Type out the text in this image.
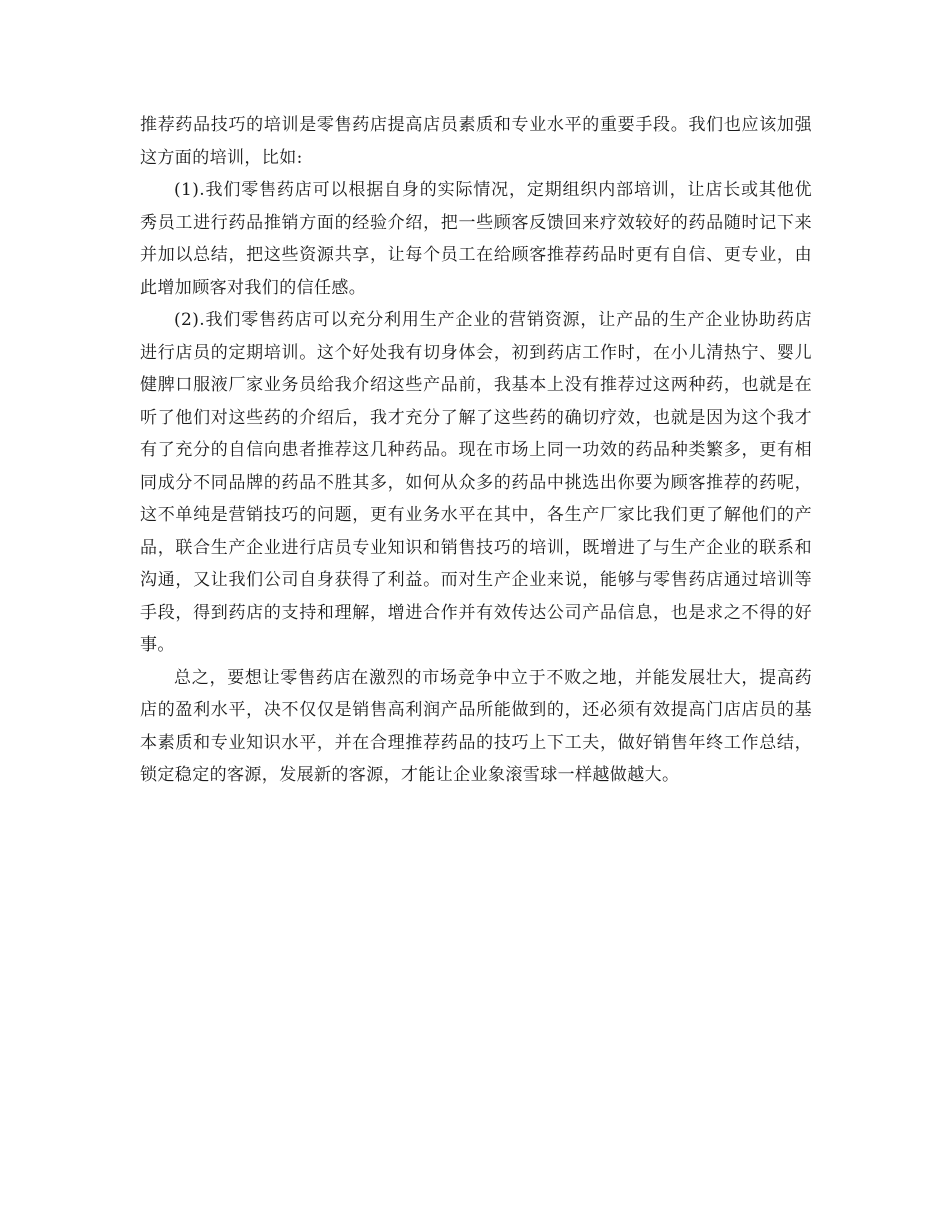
推荐药品技巧的培训是零售药店提高店员素质和专业水平的重要手段。我们也应该加强这方面的培训，比如:

(1).我们零售药店可以根据自身的实际情况，定期组织内部培训，让店长或其他优秀员工进行药品推销方面的经验介绍，把一些顾客反馈回来疗效较好的药品随时记下来并加以总结，把这些资源共享，让每个员工在给顾客推荐药品时更有自信、更专业，由此增加顾客对我们的信任感。

(2).我们零售药店可以充分利用生产企业的营销资源，让产品的生产企业协助药店进行店员的定期培训。这个好处我有切身体会，初到药店工作时，在小儿清热宁、婴儿健脾口服液厂家业务员给我介绍这些产品前，我基本上没有推荐过这两种药，也就是在听了他们对这些药的介绍后，我才充分了解了这些药的确切疗效，也就是因为这个我才有了充分的自信向患者推荐这几种药品。现在市场上同一功效的药品种类繁多，更有相同成分不同品牌的药品不胜其多，如何从众多的药品中挑选出你要为顾客推荐的药呢，这不单纯是营销技巧的问题，更有业务水平在其中，各生产厂家比我们更了解他们的产品，联合生产企业进行店员专业知识和销售技巧的培训，既增进了与生产企业的联系和沟通，又让我们公司自身获得了利益。而对生产企业来说，能够与零售药店通过培训等手段，得到药店的支持和理解，增进合作并有效传达公司产品信息，也是求之不得的好事。

总之，要想让零售药店在激烈的市场竞争中立于不败之地，并能发展壮大，提高药店的盈利水平，决不仅仅是销售高利润产品所能做到的，还必须有效提高门店店员的基本素质和专业知识水平，并在合理推荐药品的技巧上下工夫，做好销售年终工作总结，锁定稳定的客源，发展新的客源，才能让企业象滚雪球一样越做越大。
